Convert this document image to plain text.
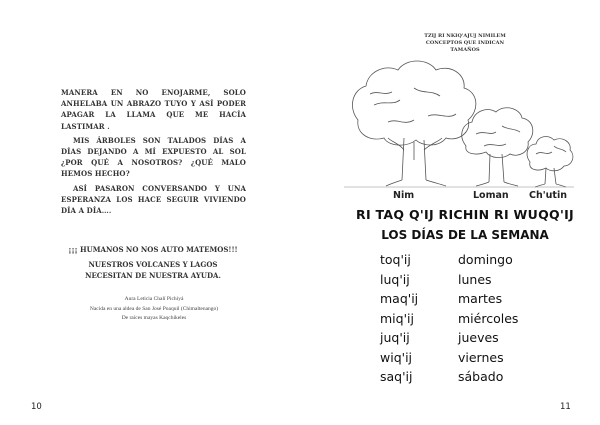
MANERA EN NO ENOJARME, SOLO ANHELABA UN ABRAZO TUYO Y ASÍ PODER APAGAR LA LLAMA QUE ME HACÍA LASTIMAR .

MIS ÁRBOLES SON TALADOS DÍAS A DÍAS DEJANDO A MÍ EXPUESTO AL SOL ¿POR QUÉ A NOSOTROS? ¿QUÉ MALO HEMOS HECHO?

ASÍ PASARON CONVERSANDO Y UNA ESPERANZA LOS HACE SEGUIR VIVIENDO DÍA A DÍA….

¡¡¡ HUMANOS NO NOS AUTO MATEMOS!!!
NUESTROS VOLCANES Y LAGOS
NECESITAN DE NUESTRA AYUDA.
Aura Leticia Chalí Pichiyá
Nacida en una aldea de San José Poaquil (Chimaltenango)
De raíces mayas Kaqchikeles
10
TZIJ RI NKIQ'AJUJ NIMILEM
CONCEPTOS QUE INDICAN
TAMAÑOS
Nim	Loman Ch'utin
RI TAQ Q'IJ RICHIN RI WUQQ'IJ
LOS DÍAS DE LA SEMANA
toq'ij	domingo
luq'ij	lunes
maq'ij	martes
miq'ij	miércoles
juq'ij	jueves
wiq'ij	viernes
saq'ij	sábado
11
